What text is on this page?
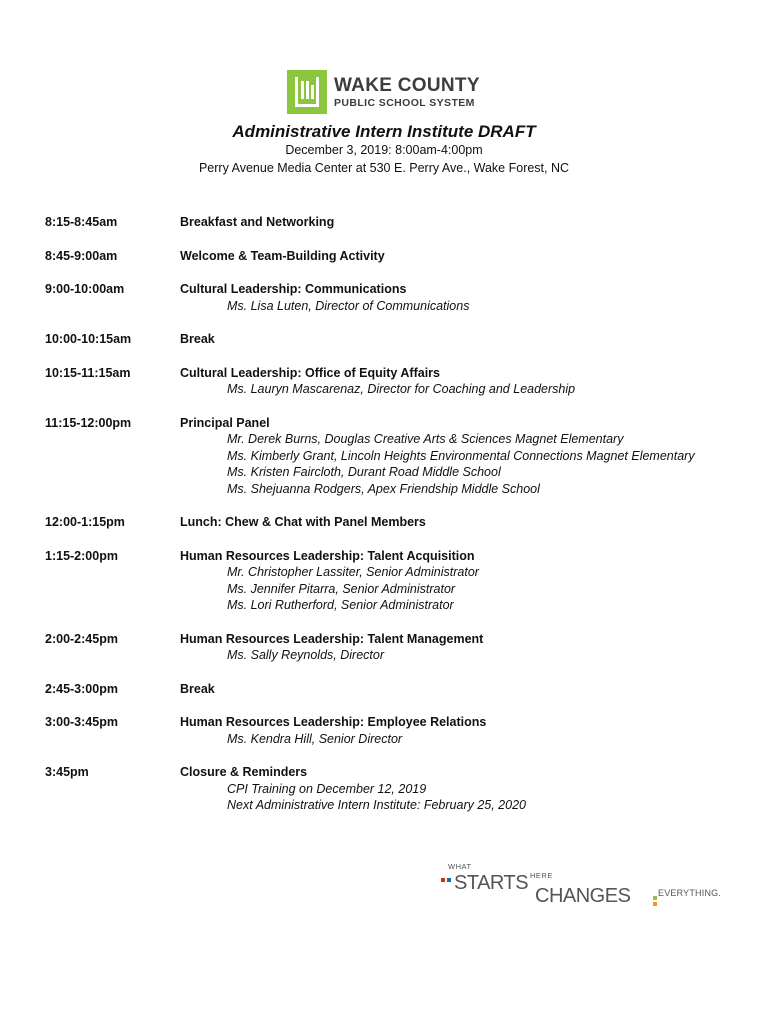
WAKE COUNTY
PUBLIC SCHOOL SYSTEM
Administrative Intern Institute DRAFT
December 3, 2019: 8:00am-4:00pm
Perry Avenue Media Center at 530 E. Perry Ave., Wake Forest, NC
8:15-8:45am	Breakfast and Networking
8:45-9:00am	Welcome & Team-Building Activity
9:00-10:00am	Cultural Leadership: Communications
Ms. Lisa Luten, Director of Communications
10:00-10:15am	Break
10:15-11:15am	Cultural Leadership: Office of Equity Affairs
Ms. Lauryn Mascarenaz, Director for Coaching and Leadership
11:15-12:00pm	Principal Panel
Mr. Derek Burns, Douglas Creative Arts & Sciences Magnet Elementary
Ms. Kimberly Grant, Lincoln Heights Environmental Connections Magnet Elementary
Ms. Kristen Faircloth, Durant Road Middle School
Ms. Shejuanna Rodgers, Apex Friendship Middle School
12:00-1:15pm	Lunch: Chew & Chat with Panel Members
1:15-2:00pm	Human Resources Leadership: Talent Acquisition
Mr. Christopher Lassiter, Senior Administrator
Ms. Jennifer Pitarra, Senior Administrator
Ms. Lori Rutherford, Senior Administrator
2:00-2:45pm	Human Resources Leadership: Talent Management
Ms. Sally Reynolds, Director
2:45-3:00pm	Break
3:00-3:45pm	Human Resources Leadership: Employee Relations
Ms. Kendra Hill, Senior Director
3:45pm	Closure & Reminders
CPI Training on December 12, 2019
Next Administrative Intern Institute: February 25, 2020
WHAT
STARTS HERE
CHANGES	EVERYTHING.
